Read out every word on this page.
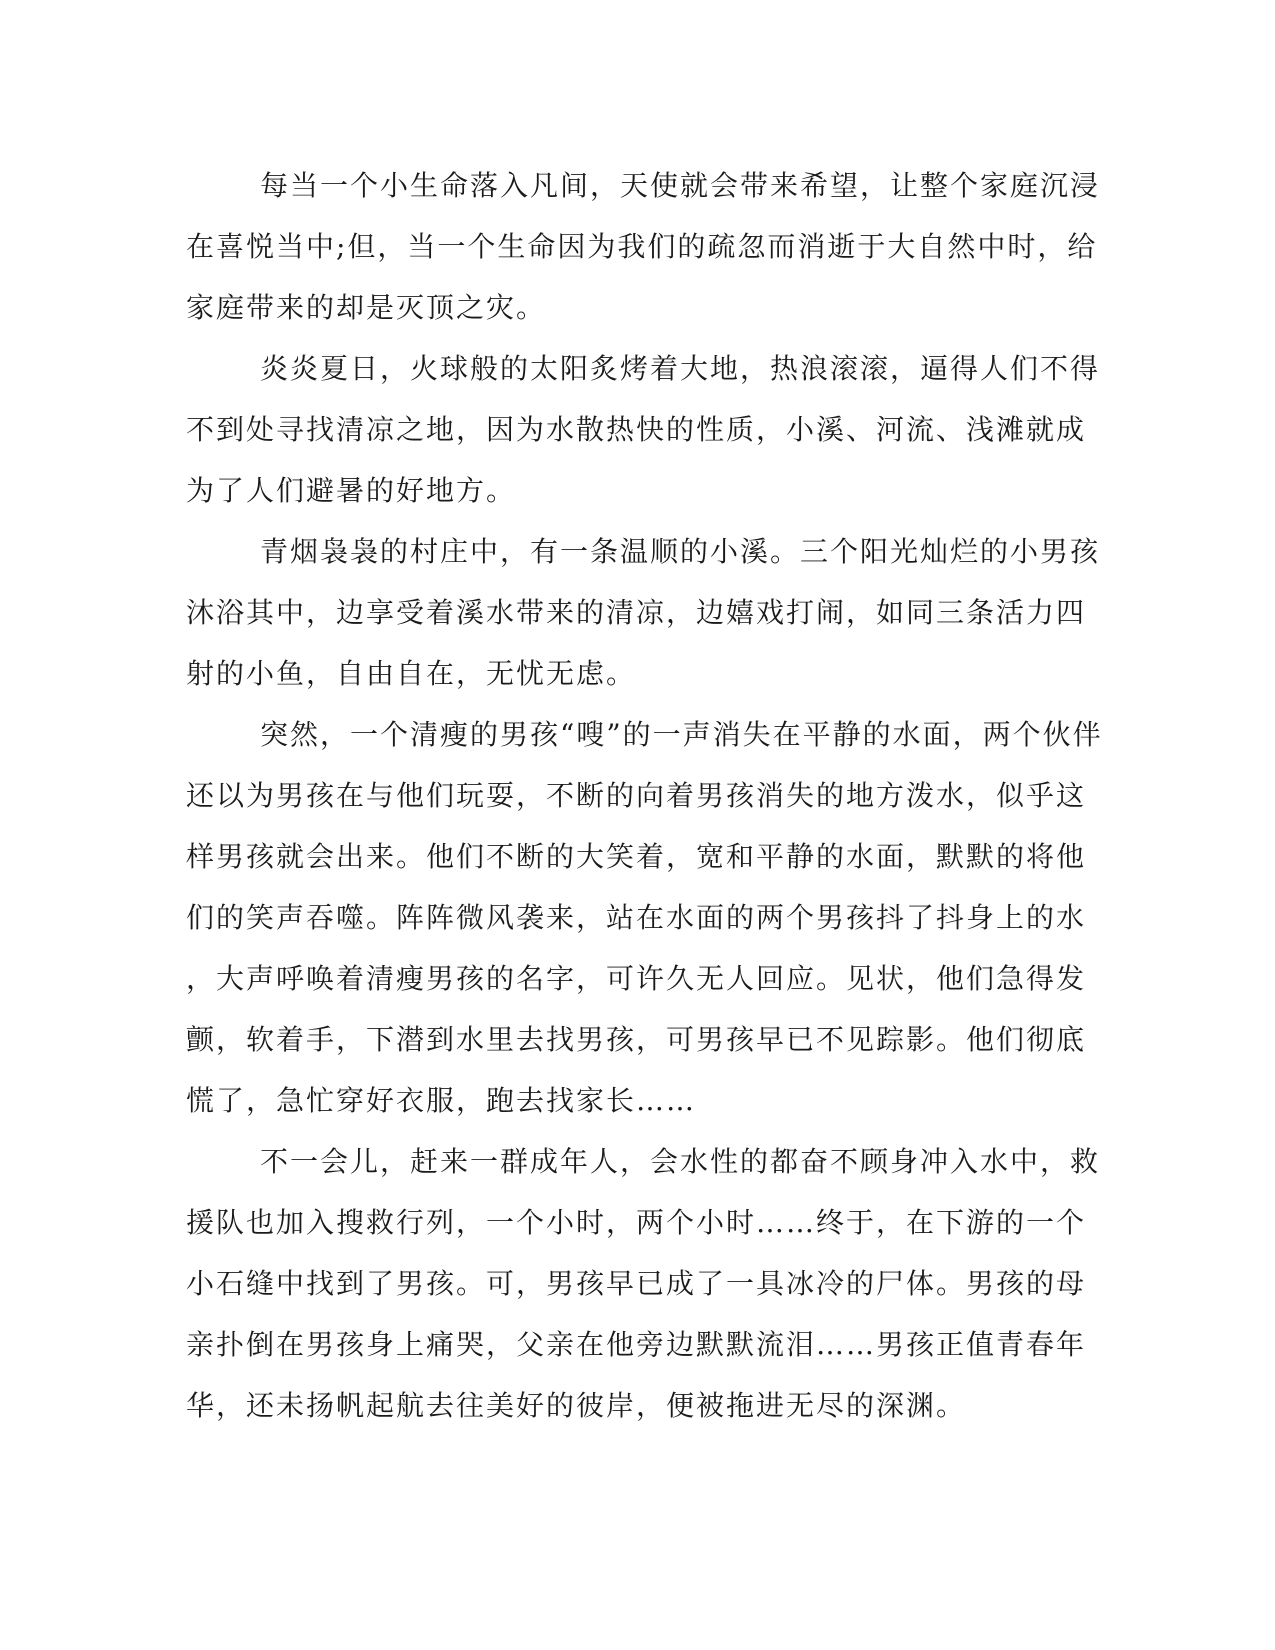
每当一个小生命落入凡间，天使就会带来希望，让整个家庭沉浸
在喜悦当中;但，当一个生命因为我们的疏忽而消逝于大自然中时，给
家庭带来的却是灭顶之灾。
炎炎夏日，火球般的太阳炙烤着大地，热浪滚滚，逼得人们不得
不到处寻找清凉之地，因为水散热快的性质，小溪、河流、浅滩就成
为了人们避暑的好地方。
青烟袅袅的村庄中，有一条温顺的小溪。三个阳光灿烂的小男孩
沐浴其中，边享受着溪水带来的清凉，边嬉戏打闹，如同三条活力四
射的小鱼，自由自在，无忧无虑。
突然，一个清瘦的男孩“嗖”的一声消失在平静的水面，两个伙伴
还以为男孩在与他们玩耍，不断的向着男孩消失的地方泼水，似乎这
样男孩就会出来。他们不断的大笑着，宽和平静的水面，默默的将他
们的笑声吞噬。阵阵微风袭来，站在水面的两个男孩抖了抖身上的水
，大声呼唤着清瘦男孩的名字，可许久无人回应。见状，他们急得发
颤，软着手，下潜到水里去找男孩，可男孩早已不见踪影。他们彻底
慌了，急忙穿好衣服，跑去找家长……
不一会儿，赶来一群成年人，会水性的都奋不顾身冲入水中，救
援队也加入搜救行列，一个小时，两个小时……终于，在下游的一个
小石缝中找到了男孩。可，男孩早已成了一具冰冷的尸体。男孩的母
亲扑倒在男孩身上痛哭，父亲在他旁边默默流泪……男孩正值青春年
华，还未扬帆起航去往美好的彼岸，便被拖进无尽的深渊。
